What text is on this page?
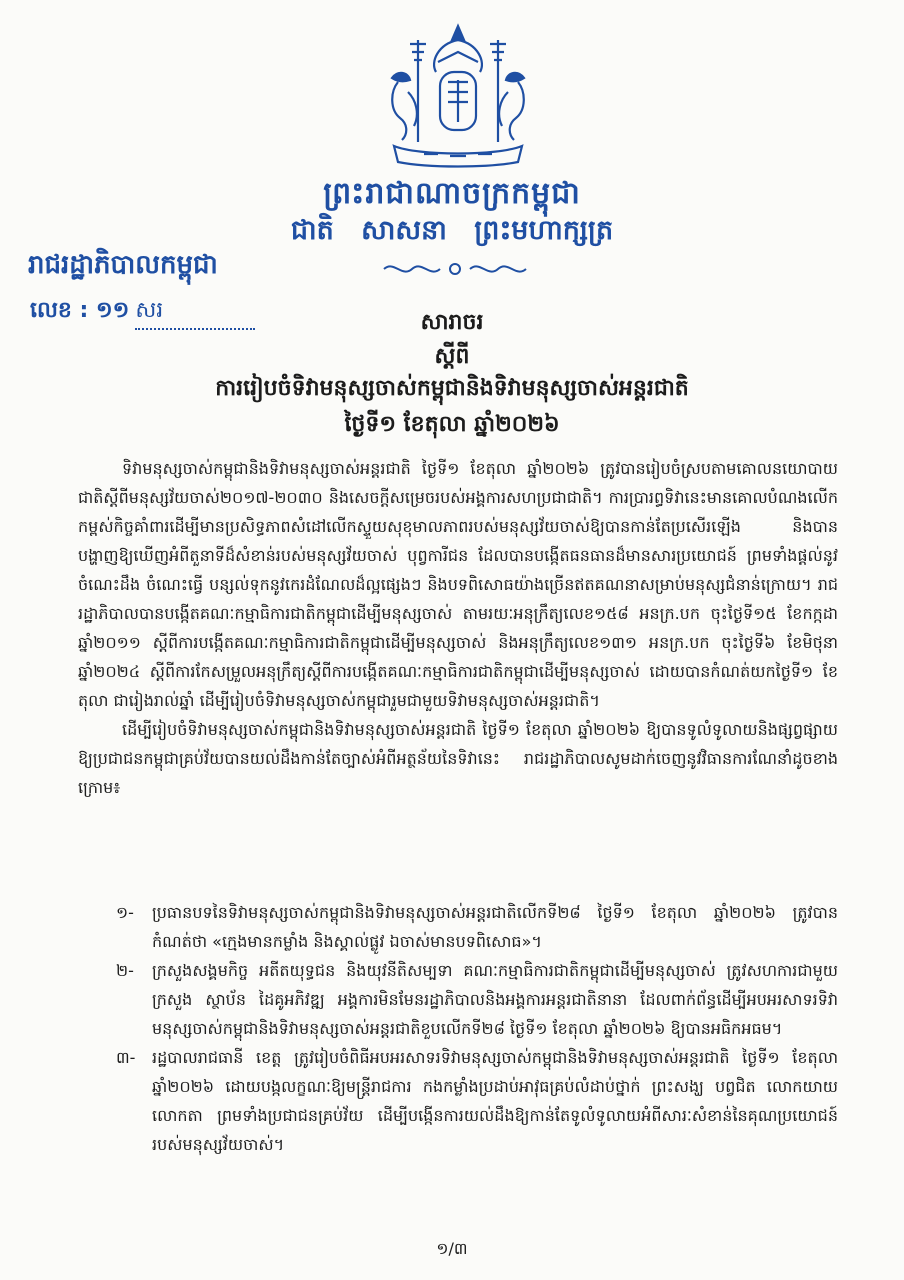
ព្រះរាជាណាចក្រកម្ពុជា
ជាតិ សាសនា ព្រះមហាក្សត្រ
រាជរដ្ឋាភិបាលកម្ពុជា
លេខ : ១១ សរ	សារាចរ
ស្តីពី
ការរៀបចំទិវាមនុស្សចាស់កម្ពុជានិងទិវាមនុស្សចាស់អន្តរជាតិ
ថ្ងៃទី១ ខែតុលា ឆ្នាំ២០២៦

ទិវាមនុស្សចាស់កម្ពុជានិងទិវាមនុស្សចាស់អន្តរជាតិ ថ្ងៃទី១ ខែតុលា ឆ្នាំ២០២៦ ត្រូវបានរៀបចំស្របតាមគោលនយោបាយជាតិស្តីពីមនុស្សវ័យចាស់២០១៧-២០៣០ និងសេចក្តីសម្រេចរបស់អង្គការសហប្រជាជាតិ។ ការប្រារព្ធទិវានេះមានគោលបំណងលើកកម្ពស់កិច្ចគាំពារដើម្បីមានប្រសិទ្ធភាពសំដៅលើកស្ទួយសុខុមាលភាពរបស់មនុស្សវ័យចាស់ឱ្យបានកាន់តែប្រសើរឡើង និងបានបង្ហាញឱ្យឃើញអំពីតួនាទីដ៏សំខាន់របស់មនុស្សវ័យចាស់ បុព្វការីជន ដែលបានបង្កើតធនធានដ៏មានសារប្រយោជន៍ ព្រមទាំងផ្តល់នូវចំណេះដឹង ចំណេះធ្វើ បន្សល់ទុកនូវកេរដំណែលដ៏ល្អផ្សេងៗ និងបទពិសោធយ៉ាងច្រើនឥតគណនាសម្រាប់មនុស្សជំនាន់ក្រោយ។ រាជរដ្ឋាភិបាលបានបង្កើតគណៈកម្មាធិការជាតិកម្ពុជាដើម្បីមនុស្សចាស់ តាមរយៈអនុក្រឹត្យលេខ១៥៨ អនក្រ.បក ចុះថ្ងៃទី១៥ ខែកក្កដា ឆ្នាំ២០១១ ស្តីពីការបង្កើតគណៈកម្មាធិការជាតិកម្ពុជាដើម្បីមនុស្សចាស់ និងអនុក្រឹត្យលេខ១៣១ អនក្រ.បក ចុះថ្ងៃទី៦ ខែមិថុនា ឆ្នាំ២០២៤ ស្តីពីការកែសម្រួលអនុក្រឹត្យស្តីពីការបង្កើតគណៈកម្មាធិការជាតិកម្ពុជាដើម្បីមនុស្សចាស់ ដោយបានកំណត់យកថ្ងៃទី១ ខែតុលា ជារៀងរាល់ឆ្នាំ ដើម្បីរៀបចំទិវាមនុស្សចាស់កម្ពុជារួមជាមួយទិវាមនុស្សចាស់អន្តរជាតិ។

ដើម្បីរៀបចំទិវាមនុស្សចាស់កម្ពុជានិងទិវាមនុស្សចាស់អន្តរជាតិ ថ្ងៃទី១ ខែតុលា ឆ្នាំ២០២៦ ឱ្យបានទូលំទូលាយនិងផ្សព្វផ្សាយឱ្យប្រជាជនកម្ពុជាគ្រប់វ័យបានយល់ដឹងកាន់តែច្បាស់អំពីអត្ថន័យនៃទិវានេះ រាជរដ្ឋាភិបាលសូមដាក់ចេញនូវវិធានការណែនាំដូចខាងក្រោម៖

១-	ប្រធានបទនៃទិវាមនុស្សចាស់កម្ពុជានិងទិវាមនុស្សចាស់អន្តរជាតិលើកទី២៨ ថ្ងៃទី១ ខែតុលា ឆ្នាំ២០២៦ ត្រូវបានកំណត់ថា «ក្មេងមានកម្លាំង និងស្គាល់ផ្លូវ ឯចាស់មានបទពិសោធ»។
២-	ក្រសួងសង្គមកិច្ច អតីតយុទ្ធជន និងយុវនីតិសម្បទា គណៈកម្មាធិការជាតិកម្ពុជាដើម្បីមនុស្សចាស់ ត្រូវសហការជាមួយក្រសួង ស្ថាប័ន ដៃគូអភិវឌ្ឍ អង្គការមិនមែនរដ្ឋាភិបាលនិងអង្គការអន្តរជាតិនានា ដែលពាក់ព័ន្ធដើម្បីអបអរសាទរទិវាមនុស្សចាស់កម្ពុជានិងទិវាមនុស្សចាស់អន្តរជាតិខួបលើកទី២៨ ថ្ងៃទី១ ខែតុលា ឆ្នាំ២០២៦ ឱ្យបានអធិកអធម។
៣-	រដ្ឋបាលរាជធានី ខេត្ត ត្រូវរៀបចំពិធីអបអរសាទរទិវាមនុស្សចាស់កម្ពុជានិងទិវាមនុស្សចាស់អន្តរជាតិ ថ្ងៃទី១ ខែតុលា ឆ្នាំ២០២៦ ដោយបង្កលក្ខណៈឱ្យមន្ត្រីរាជការ កងកម្លាំងប្រដាប់អាវុធគ្រប់លំដាប់ថ្នាក់ ព្រះសង្ឃ បព្វជិត លោកយាយ លោកតា ព្រមទាំងប្រជាជនគ្រប់វ័យ ដើម្បីបង្កើនការយល់ដឹងឱ្យកាន់តែទូលំទូលាយអំពីសារៈសំខាន់នៃគុណប្រយោជន៍របស់មនុស្សវ័យចាស់។
១/៣
